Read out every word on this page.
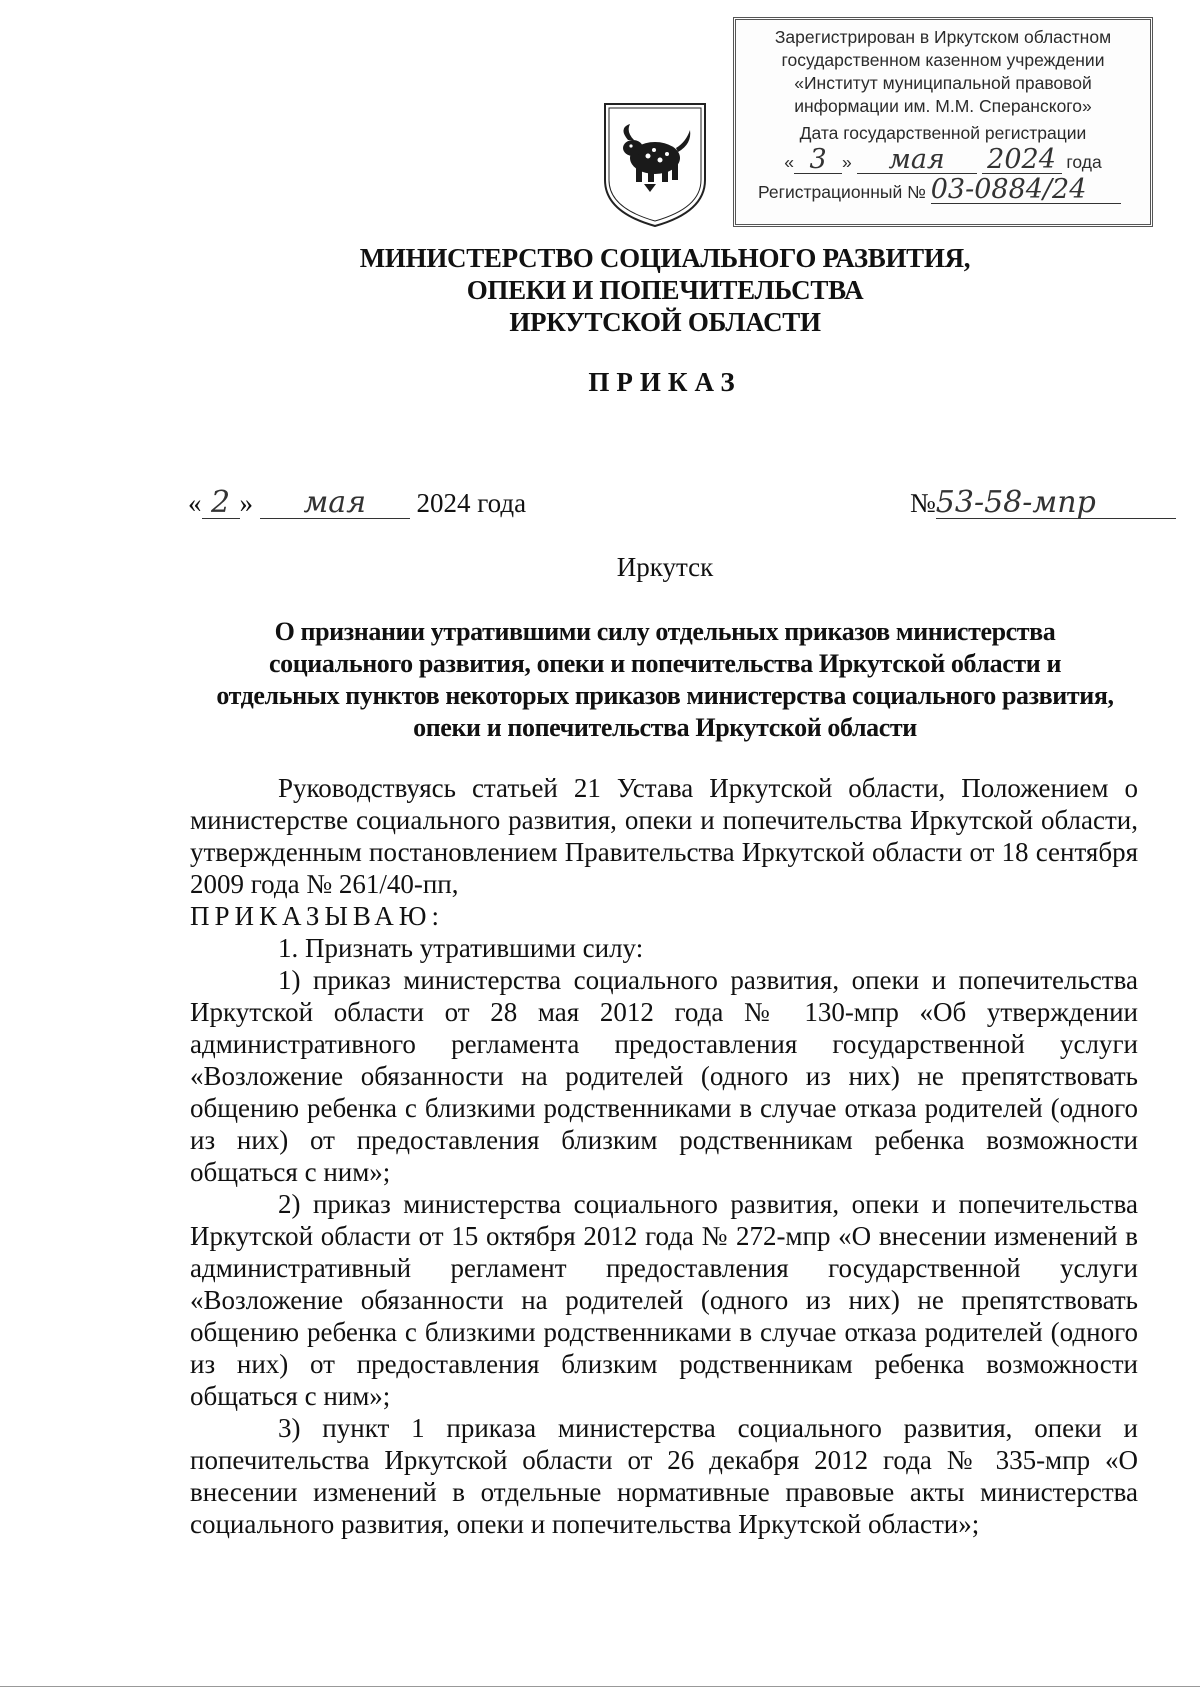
Зарегистрирован в Иркутском областном
государственном казенном учреждении
«Институт муниципальной правовой
информации им. М.М. Сперанского»
Дата государственной регистрации
« 3 » мая 2024 года
Регистрационный № 03-0884/24
МИНИСТЕРСТВО СОЦИАЛЬНОГО РАЗВИТИЯ,
ОПЕКИ И ПОПЕЧИТЕЛЬСТВА
ИРКУТСКОЙ ОБЛАСТИ
ПРИКАЗ
« 2 » мая 2024 года	№53-58-мпр
Иркутск
О признании утратившими силу отдельных приказов министерства
социального развития, опеки и попечительства Иркутской области и
отдельных пунктов некоторых приказов министерства социального развития,
опеки и попечительства Иркутской области

Руководствуясь статьей 21 Устава Иркутской области, Положением о министерстве социального развития, опеки и попечительства Иркутской области, утвержденным постановлением Правительства Иркутской области от 18 сентября 2009 года № 261/40-пп,

ПРИКАЗЫВАЮ:

1. Признать утратившими силу:

1) приказ министерства социального развития, опеки и попечительства Иркутской области от 28 мая 2012 года № 130-мпр «Об утверждении административного регламента предоставления государственной услуги «Возложение обязанности на родителей (одного из них) не препятствовать общению ребенка с близкими родственниками в случае отказа родителей (одного из них) от предоставления близким родственникам ребенка возможности общаться с ним»;

2) приказ министерства социального развития, опеки и попечительства Иркутской области от 15 октября 2012 года № 272-мпр «О внесении изменений в административный регламент предоставления государственной услуги «Возложение обязанности на родителей (одного из них) не препятствовать общению ребенка с близкими родственниками в случае отказа родителей (одного из них) от предоставления близким родственникам ребенка возможности общаться с ним»;

3) пункт 1 приказа министерства социального развития, опеки и попечительства Иркутской области от 26 декабря 2012 года № 335-мпр «О внесении изменений в отдельные нормативные правовые акты министерства социального развития, опеки и попечительства Иркутской области»;
